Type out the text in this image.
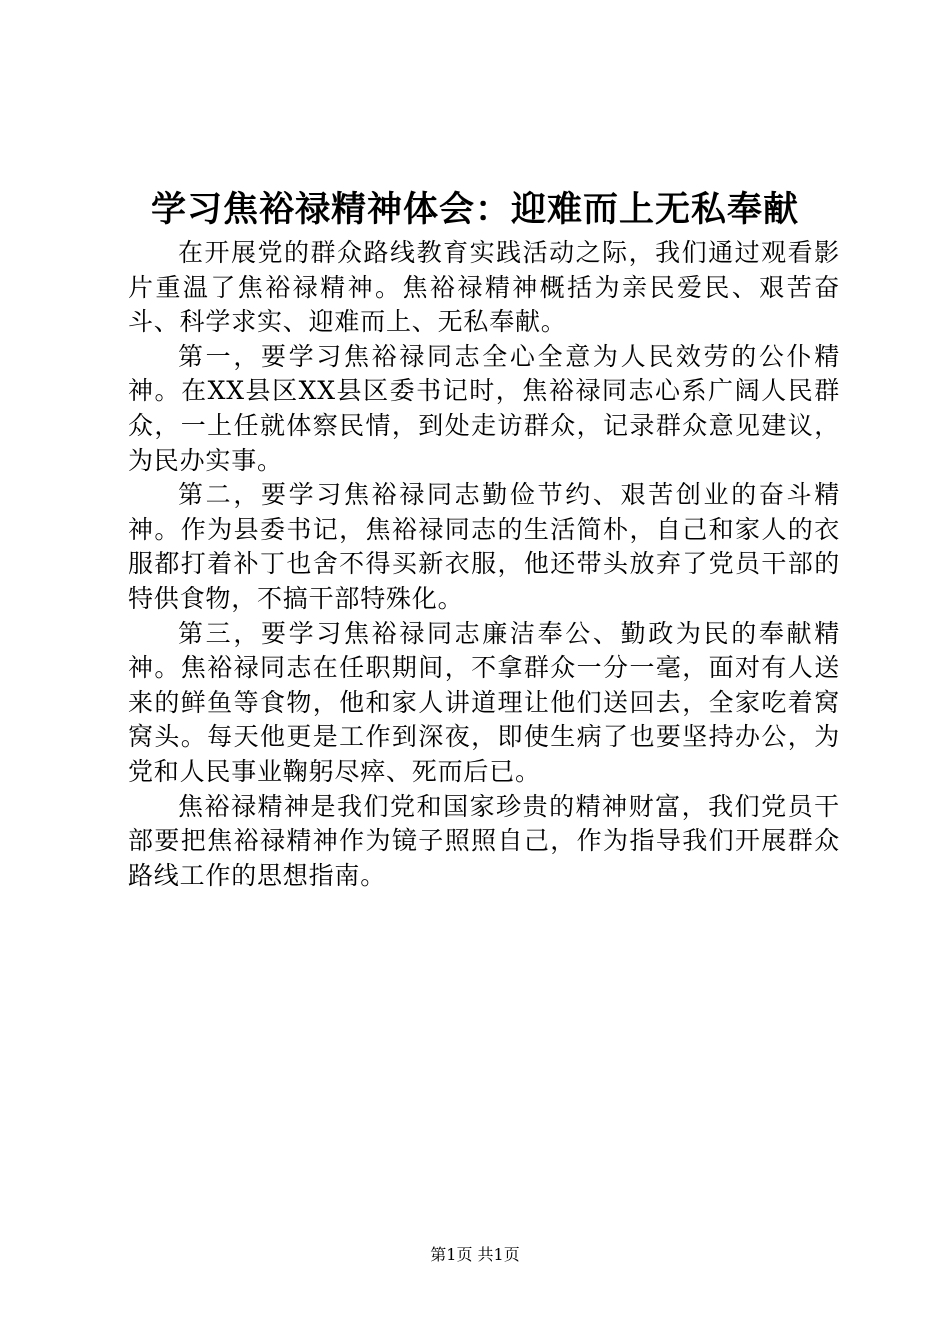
学习焦裕禄精神体会：迎难而上无私奉献

在开展党的群众路线教育实践活动之际，我们通过观看影片重温了焦裕禄精神。焦裕禄精神概括为亲民爱民、艰苦奋斗、科学求实、迎难而上、无私奉献。

第一，要学习焦裕禄同志全心全意为人民效劳的公仆精神。在XX县区XX县区委书记时，焦裕禄同志心系广阔人民群众，一上任就体察民情，到处走访群众，记录群众意见建议，为民办实事。

第二，要学习焦裕禄同志勤俭节约、艰苦创业的奋斗精神。作为县委书记，焦裕禄同志的生活简朴，自己和家人的衣服都打着补丁也舍不得买新衣服，他还带头放弃了党员干部的特供食物，不搞干部特殊化。

第三，要学习焦裕禄同志廉洁奉公、勤政为民的奉献精神。焦裕禄同志在任职期间，不拿群众一分一毫，面对有人送来的鲜鱼等食物，他和家人讲道理让他们送回去，全家吃着窝窝头。每天他更是工作到深夜，即使生病了也要坚持办公，为党和人民事业鞠躬尽瘁、死而后已。

焦裕禄精神是我们党和国家珍贵的精神财富，我们党员干部要把焦裕禄精神作为镜子照照自己，作为指导我们开展群众路线工作的思想指南。

第1页 共1页
